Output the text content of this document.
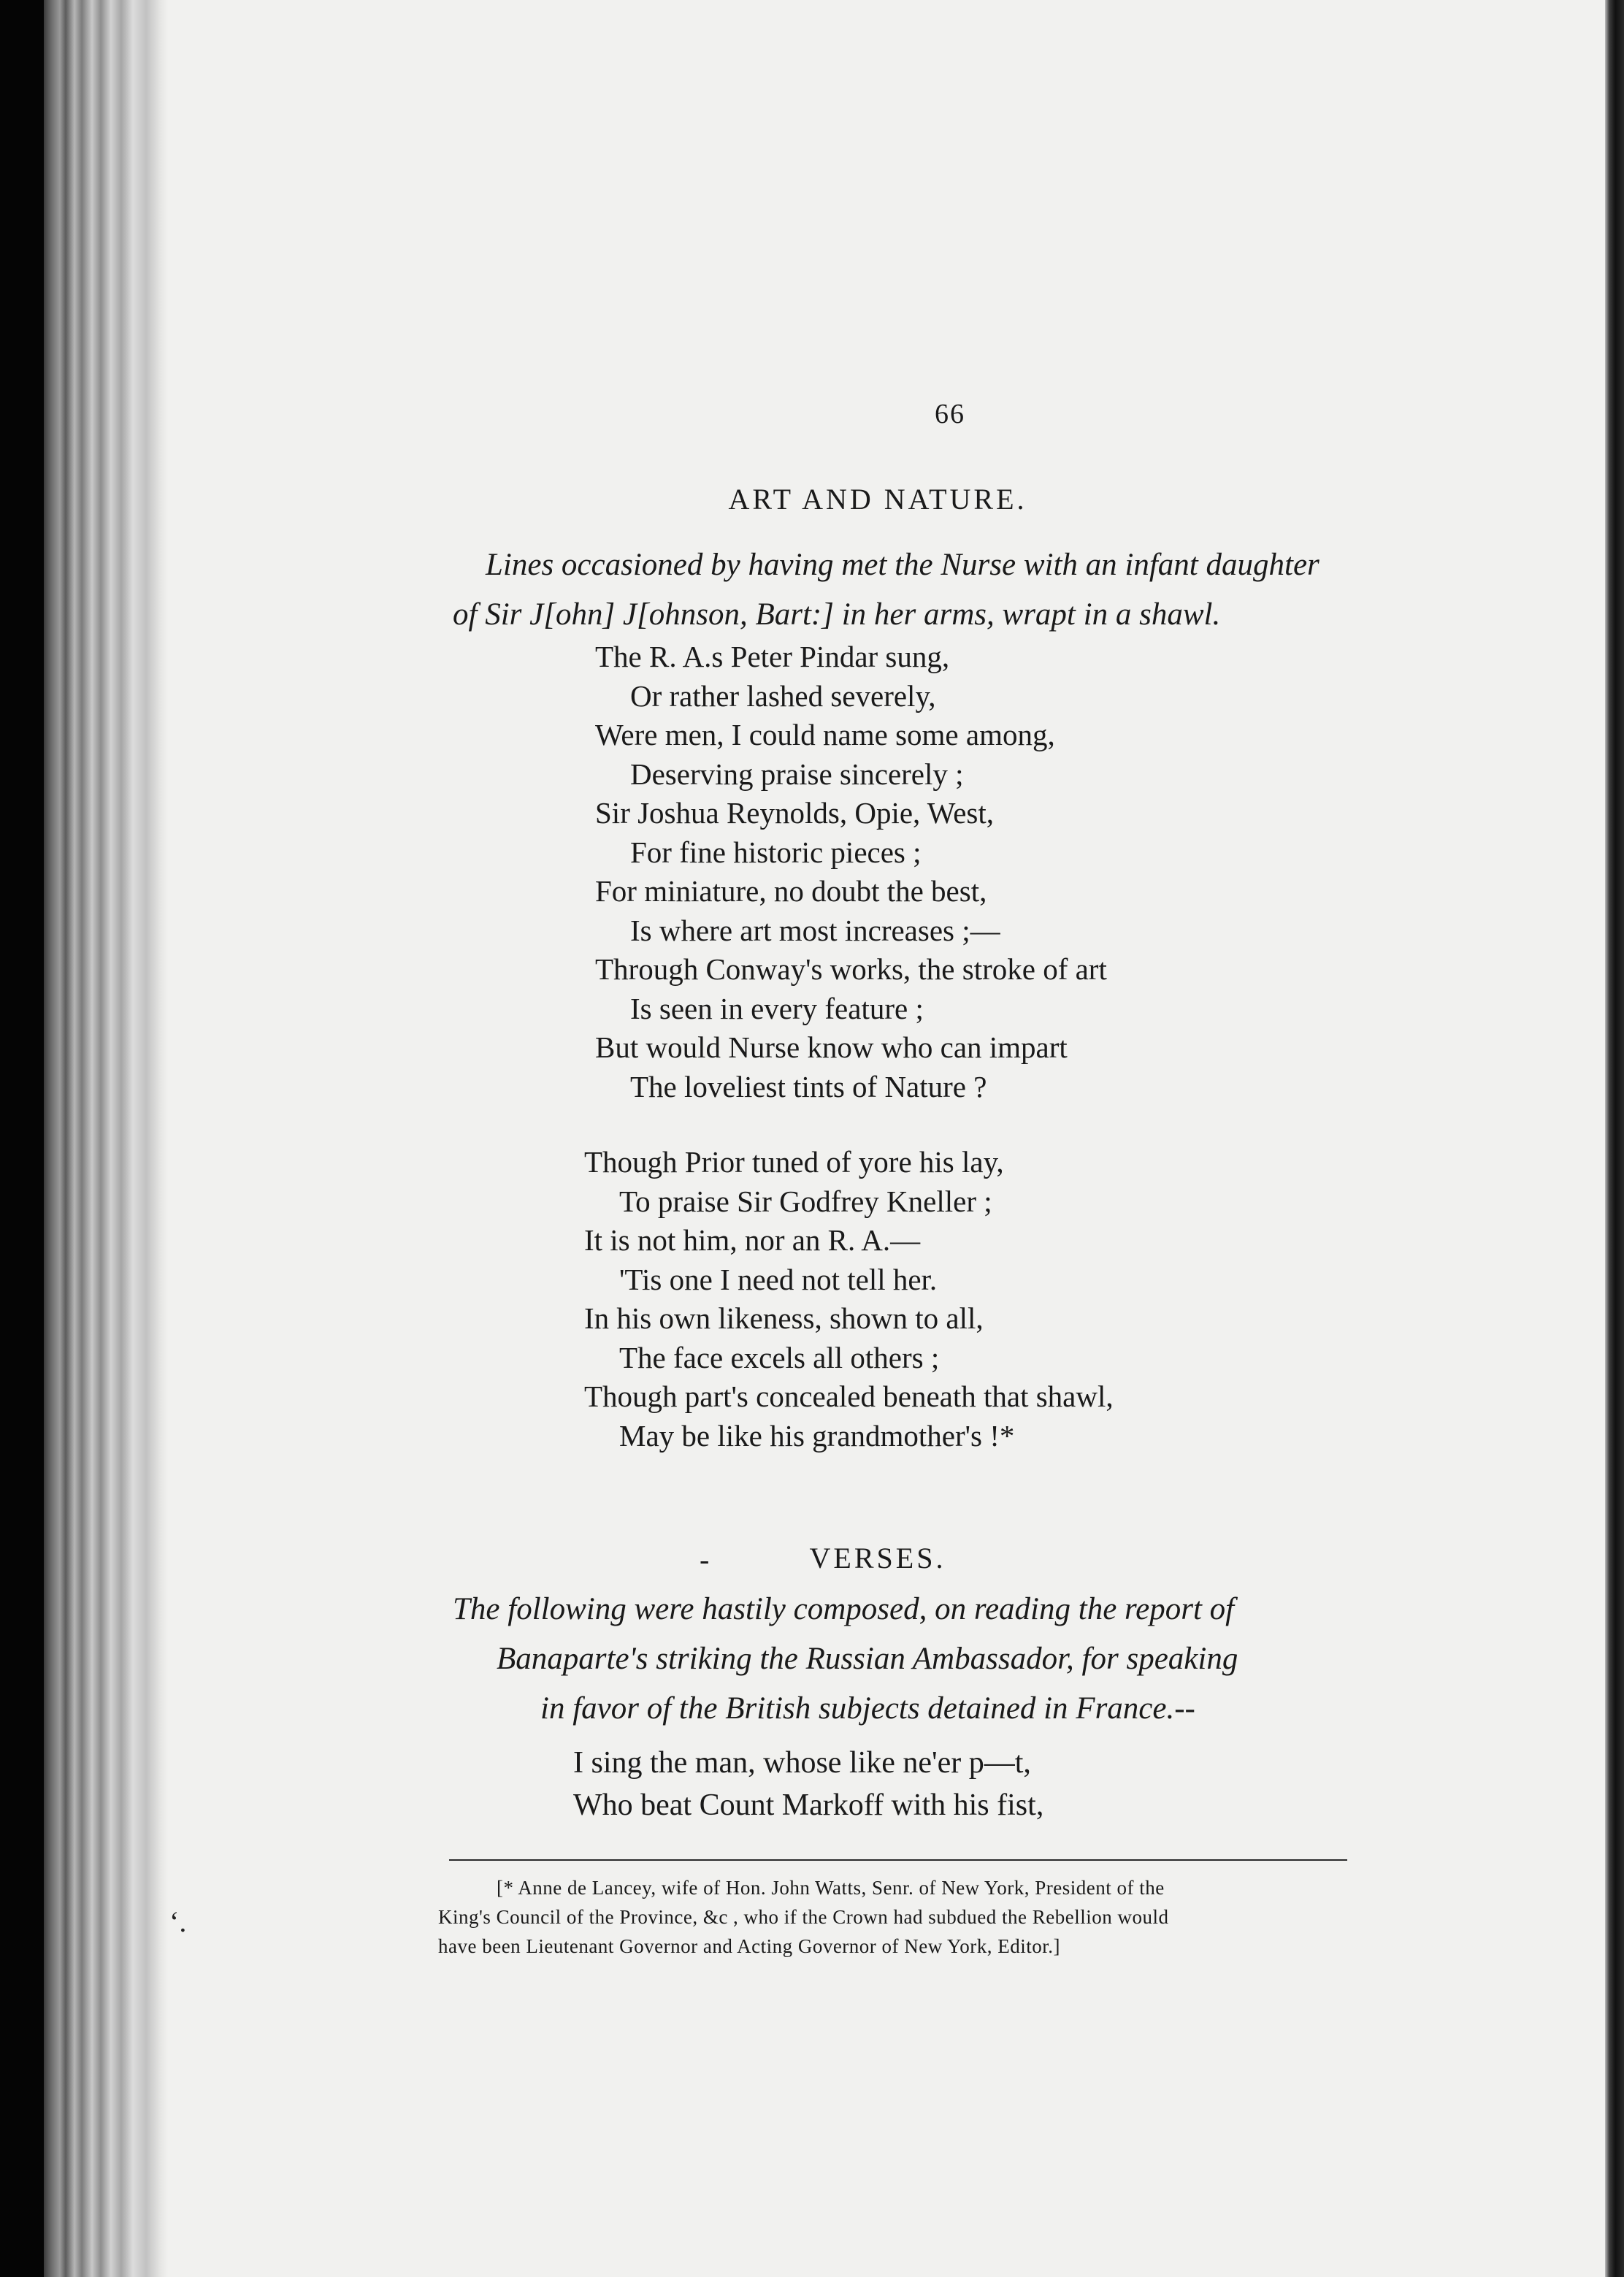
ʻ.
66
ART AND NATURE.
Lines occasioned by having met the Nurse with an infant daughter
of Sir J[ohn] J[ohnson, Bart:] in her arms, wrapt in a shawl.
The R. A.s Peter Pindar sung,
Or rather lashed severely,
Were men, I could name some among,
Deserving praise sincerely ;
Sir Joshua Reynolds, Opie, West,
For fine historic pieces ;
For miniature, no doubt the best,
Is where art most increases ;—
Through Conway's works, the stroke of art
Is seen in every feature ;
But would Nurse know who can impart
The loveliest tints of Nature ?
Though Prior tuned of yore his lay,
To praise Sir Godfrey Kneller ;
It is not him, nor an R. A.—
'Tis one I need not tell her.
In his own likeness, shown to all,
The face excels all others ;
Though part's concealed beneath that shawl,
May be like his grandmother's !*
-	VERSES.
The following were hastily composed, on reading the report of
Banaparte's striking the Russian Ambassador, for speaking
in favor of the British subjects detained in France.--
I sing the man, whose like ne'er p—t,
Who beat Count Markoff with his fist,
[* Anne de Lancey, wife of Hon. John Watts, Senr. of New York, President of the
King's Council of the Province, &c , who if the Crown had subdued the Rebellion would
have been Lieutenant Governor and Acting Governor of New York, Editor.]
